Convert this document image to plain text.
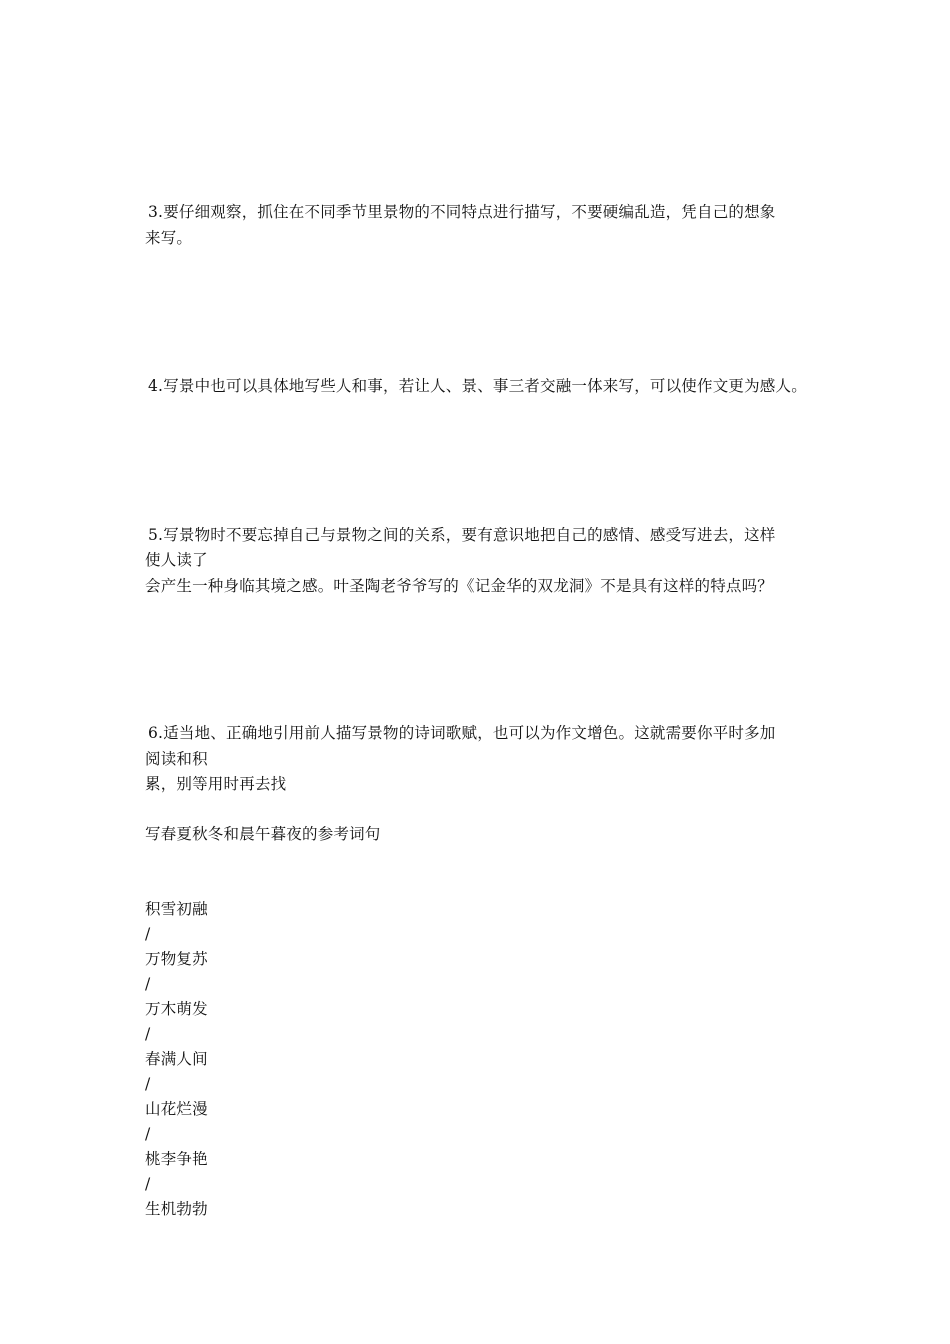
3.要仔细观察，抓住在不同季节里景物的不同特点进行描写，不要硬编乱造，凭自己的想象
来写。
4.写景中也可以具体地写些人和事，若让人、景、事三者交融一体来写，可以使作文更为感人。
5.写景物时不要忘掉自己与景物之间的关系，要有意识地把自己的感情、感受写进去，这样
使人读了
会产生一种身临其境之感。叶圣陶老爷爷写的《记金华的双龙洞》不是具有这样的特点吗？
6.适当地、正确地引用前人描写景物的诗词歌赋，也可以为作文增色。这就需要你平时多加
阅读和积
累，别等用时再去找
写春夏秋冬和晨午暮夜的参考词句
积雪初融
/
万物复苏
/
万木萌发
/
春满人间
/
山花烂漫
/
桃李争艳
/
生机勃勃
